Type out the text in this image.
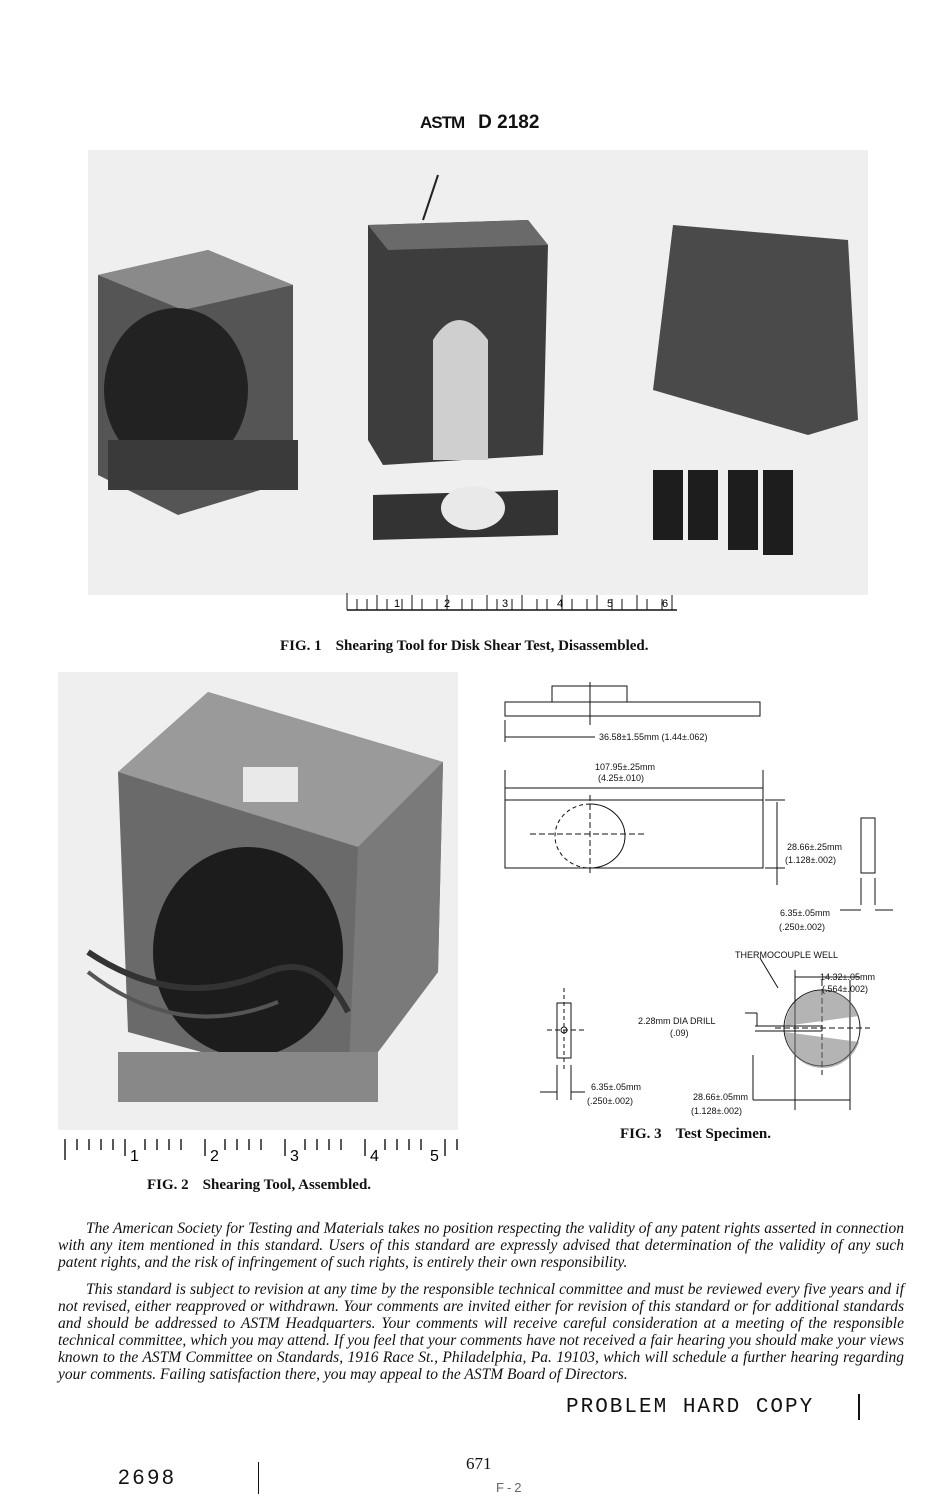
ASTM D 2182
1	2	3	4	5	6
FIG. 1 Shearing Tool for Disk Shear Test, Disassembled.
1	2	3	4	5
FIG. 2 Shearing Tool, Assembled.
36.58±1.55mm (1.44±.062)
107.95±.25mm
(4.25±.010)
28.66±.25mm
(1.128±.002)
6.35±.05mm
(.250±.002)
THERMOCOUPLE WELL
14.32±.05mm
(.564±.002)
2.28mm DIA DRILL
(.09)
6.35±.05mm
(.250±.002)	28.66±.05mm
(1.128±.002)
FIG. 3 Test Specimen.

The American Society for Testing and Materials takes no position respecting the validity of any patent rights asserted in connection with any item mentioned in this standard. Users of this standard are expressly advised that determination of the validity of any such patent rights, and the risk of infringement of such rights, is entirely their own responsibility.

This standard is subject to revision at any time by the responsible technical committee and must be reviewed every five years and if not revised, either reapproved or withdrawn. Your comments are invited either for revision of this standard or for additional standards and should be addressed to ASTM Headquarters. Your comments will receive careful consideration at a meeting of the responsible technical committee, which you may attend. If you feel that your comments have not received a fair hearing you should make your views known to the ASTM Committee on Standards, 1916 Race St., Philadelphia, Pa. 19103, which will schedule a further hearing regarding your comments. Failing satisfaction there, you may appeal to the ASTM Board of Directors.

PROBLEM HARD COPY
2698
671
F-2
